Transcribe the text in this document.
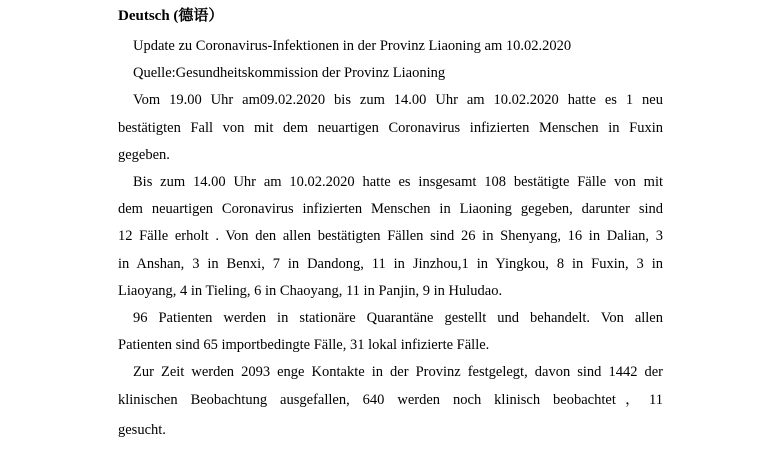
Deutsch (德语）
Update zu Coronavirus-Infektionen in der Provinz Liaoning am 10.02.2020
Quelle:Gesundheitskommission der Provinz Liaoning
Vom 19.00 Uhr am09.02.2020 bis zum 14.00 Uhr am 10.02.2020 hatte es 1 neu
bestätigten Fall von mit dem neuartigen Coronavirus infizierten Menschen in Fuxin
gegeben.
Bis zum 14.00 Uhr am 10.02.2020 hatte es insgesamt 108 bestätigte Fälle von mit
dem neuartigen Coronavirus infizierten Menschen in Liaoning gegeben, darunter sind
12 Fälle erholt . Von den allen bestätigten Fällen sind 26 in Shenyang, 16 in Dalian, 3
in Anshan, 3 in Benxi, 7 in Dandong, 11 in Jinzhou,1 in Yingkou, 8 in Fuxin, 3 in
Liaoyang, 4 in Tieling, 6 in Chaoyang, 11 in Panjin, 9 in Huludao.
96 Patienten werden in stationäre Quarantäne gestellt und behandelt. Von allen
Patienten sind 65 importbedingte Fälle, 31 lokal infizierte Fälle.
Zur Zeit werden 2093 enge Kontakte in der Provinz festgelegt, davon sind 1442 der
klinischen Beobachtung ausgefallen, 640 werden noch klinisch beobachtet，11
gesucht.
